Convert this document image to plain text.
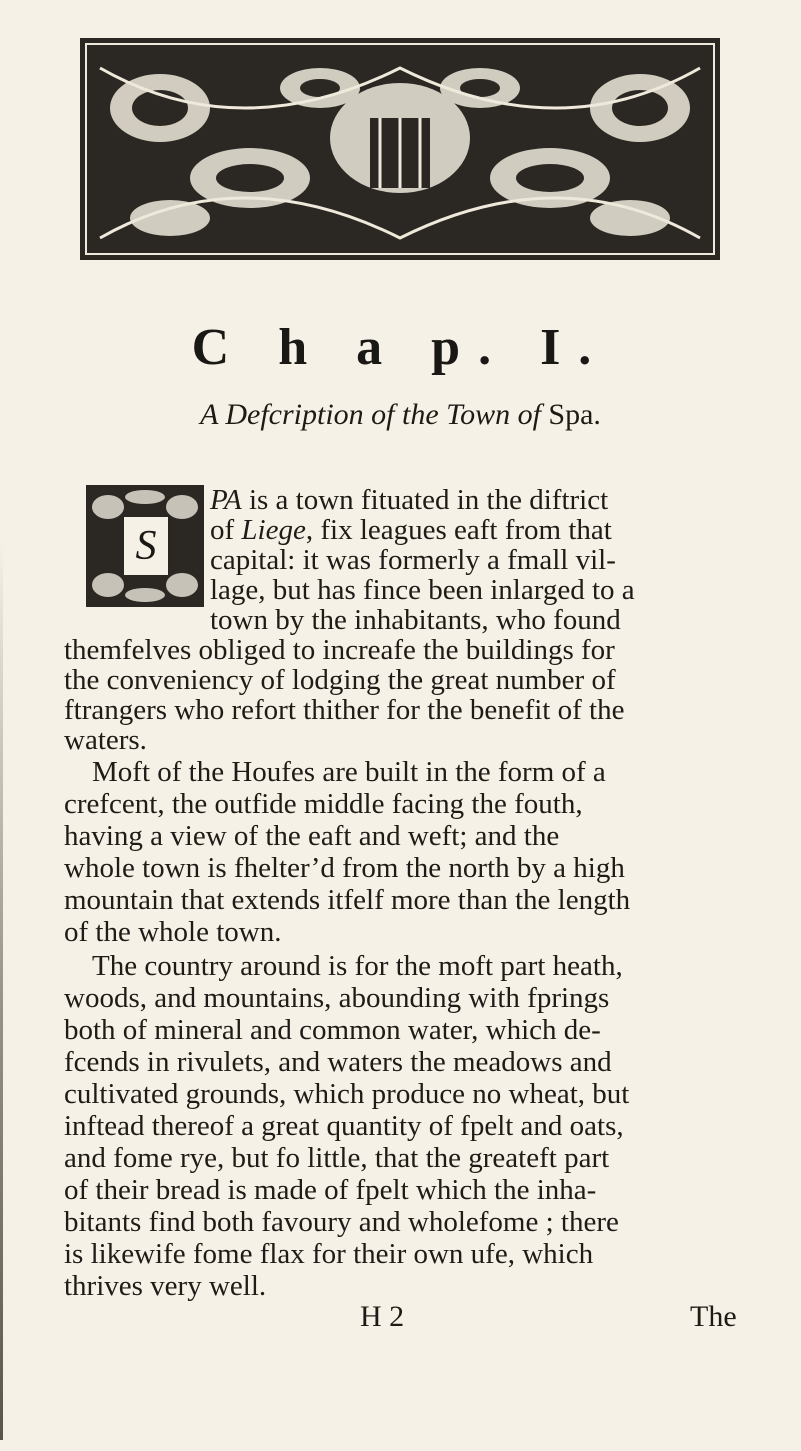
C h a p. I.
A Defcription of the Town of Spa.
S
PA is a town fituated in the diftrict
of Liege, fix leagues eaft from that
capital: it was formerly a fmall vil-
lage, but has fince been inlarged to a
town by the inhabitants, who found
themfelves obliged to increafe the buildings for
the conveniency of lodging the great number of
ftrangers who refort thither for the benefit of the
waters.
Moft of the Houfes are built in the form of a
crefcent, the outfide middle facing the fouth,
having a view of the eaft and weft; and the
whole town is fhelter’d from the north by a high
mountain that extends itfelf more than the length
of the whole town.
The country around is for the moft part heath,
woods, and mountains, abounding with fprings
both of mineral and common water, which de-
fcends in rivulets, and waters the meadows and
cultivated grounds, which produce no wheat, but
inftead thereof a great quantity of fpelt and oats,
and fome rye, but fo little, that the greateft part
of their bread is made of fpelt which the inha-
bitants find both favoury and wholefome ; there
is likewife fome flax for their own ufe, which
thrives very well.
H 2	The
